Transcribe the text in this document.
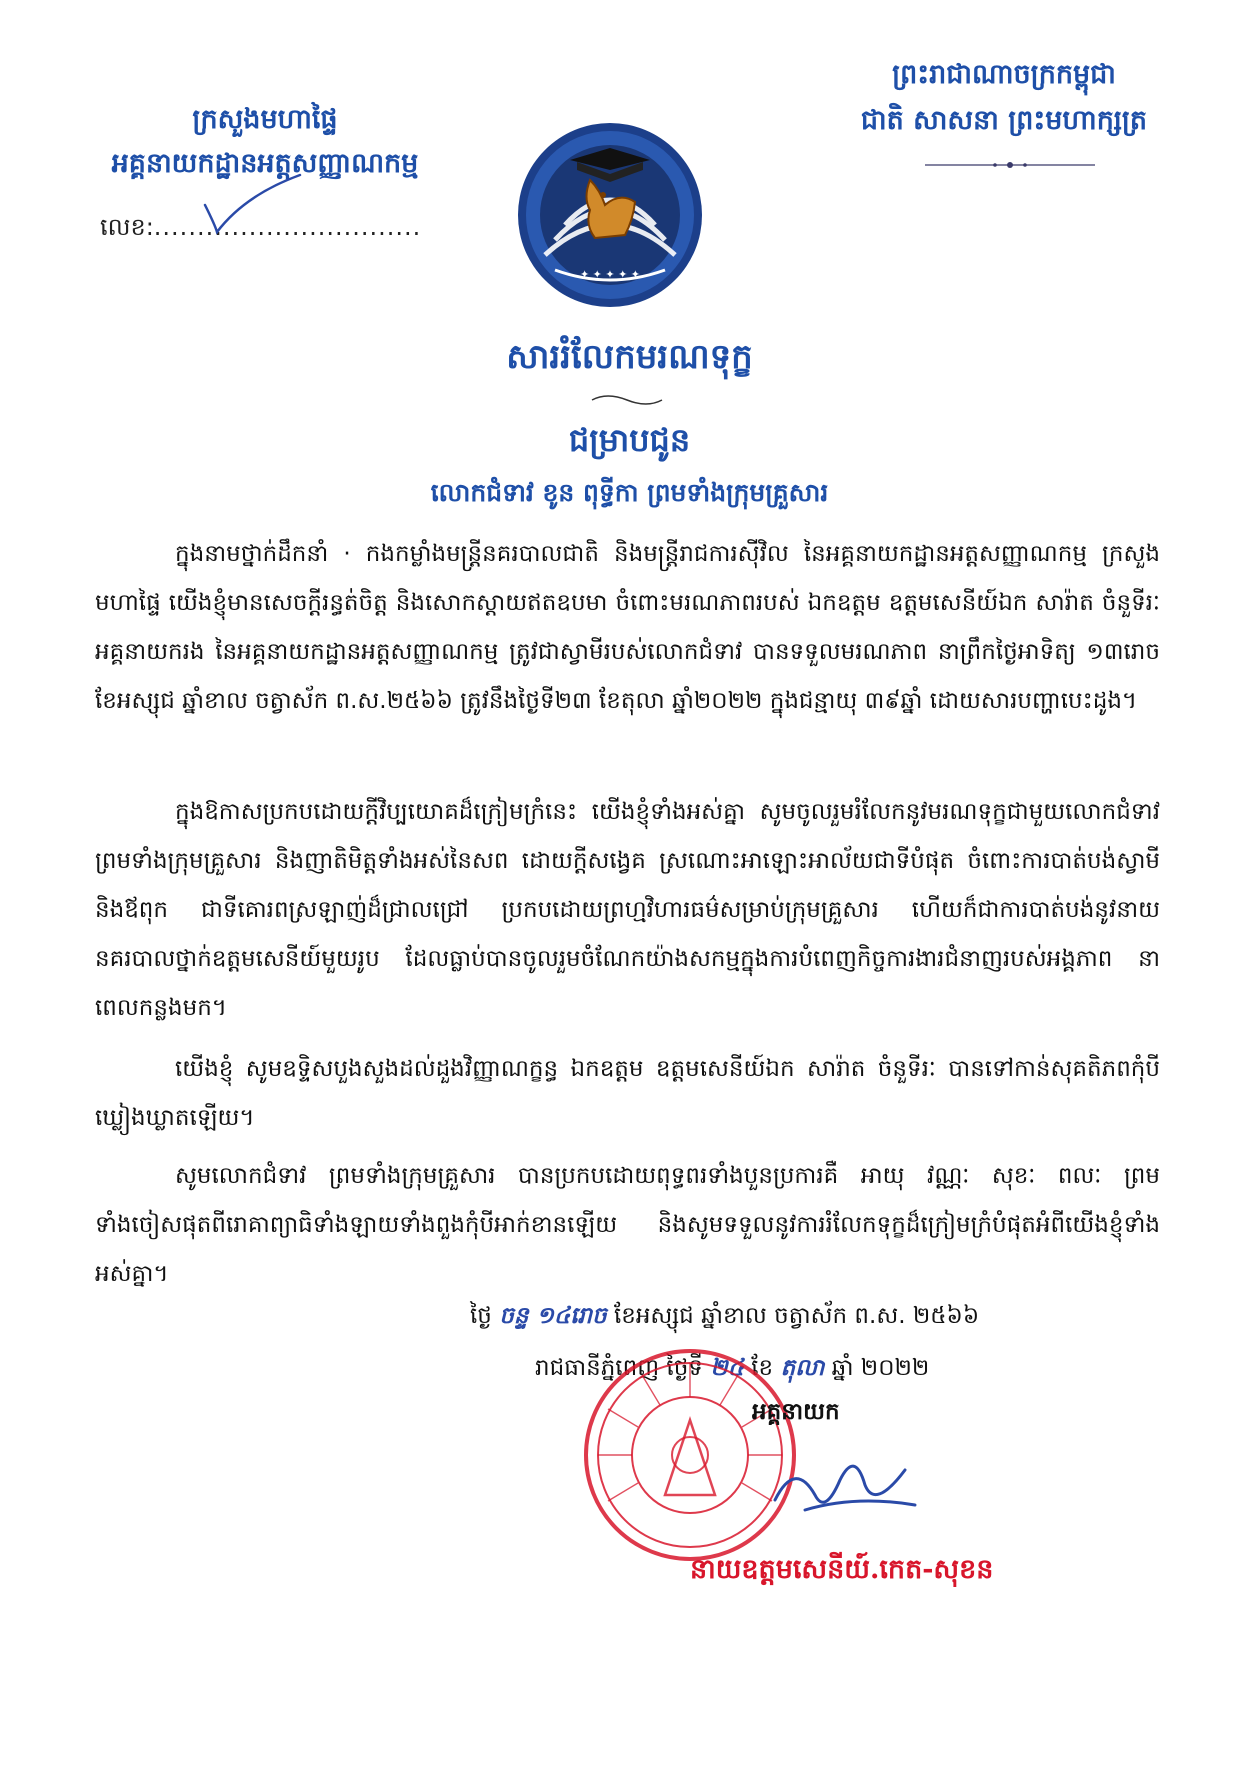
ព្រះរាជាណាចក្រកម្ពុជា
ជាតិ សាសនា ព្រះមហាក្សត្រ
ក្រសួងមហាផ្ទៃ
អគ្គនាយកដ្ឋានអត្តសញ្ញាណកម្ម
លេខ:...............................
✦ ✦ ✦ ✦ ✦
សាររំលែកមរណទុក្ខ
ជម្រាបជូន
លោកជំទាវ ខូន ពុទ្ធីកា ព្រមទាំងក្រុមគ្រួសារ
ក្នុងនាមថ្នាក់ដឹកនាំ · កងកម្លាំងមន្ត្រីនគរបាលជាតិ និងមន្ត្រីរាជការស៊ីវិល នៃអគ្គនាយកដ្ឋានអត្តសញ្ញាណកម្ម ក្រសួងមហាផ្ទៃ យើងខ្ញុំមានសេចក្តីរន្ធត់ចិត្ត និងសោកស្តាយឥតឧបមា ចំពោះមរណភាពរបស់ ឯកឧត្តម ឧត្តមសេនីយ៍ឯក សារ៉ាត ចំនួទីរៈ អគ្គនាយករង នៃអគ្គនាយកដ្ឋានអត្តសញ្ញាណកម្ម ត្រូវជាស្វាមីរបស់លោកជំទាវ បានទទួលមរណភាព នាព្រឹកថ្ងៃអាទិត្យ ១៣រោច ខែអស្សុជ ឆ្នាំខាល ចត្វាស័ក ព.ស.២៥៦៦ ត្រូវនឹងថ្ងៃទី២៣ ខែតុលា ឆ្នាំ២០២២ ក្នុងជន្មាយុ ៣៩ឆ្នាំ ដោយសារបញ្ហាបេះដូង។
ក្នុងឱកាសប្រកបដោយក្តីវិប្បយោគដ៏ក្រៀមក្រំនេះ យើងខ្ញុំទាំងអស់គ្នា សូមចូលរួមរំលែកនូវមរណទុក្ខជាមួយលោកជំទាវ ព្រមទាំងក្រុមគ្រួសារ និងញាតិមិត្តទាំងអស់នៃសព ដោយក្តីសង្វេគ ស្រណោះអាឡោះអាល័យជាទីបំផុត ចំពោះការបាត់បង់ស្វាមី និងឪពុក ជាទីគោរពស្រឡាញ់ដ៏ជ្រាលជ្រៅ ប្រកបដោយព្រហ្មវិហារធម៌សម្រាប់ក្រុមគ្រួសារ ហើយក៏ជាការបាត់បង់នូវនាយនគរបាលថ្នាក់ឧត្តមសេនីយ៍មួយរូប ដែលធ្លាប់បានចូលរួមចំណែកយ៉ាងសកម្មក្នុងការបំពេញកិច្ចការងារជំនាញរបស់អង្គភាព នាពេលកន្លងមក។
យើងខ្ញុំ សូមឧទ្ទិសបួងសួងដល់ដួងវិញ្ញាណក្ខន្ធ ឯកឧត្តម ឧត្តមសេនីយ៍ឯក សារ៉ាត ចំនួទីរៈ បានទៅកាន់សុគតិភពកុំបីឃ្លៀងឃ្លាតឡើយ។
សូមលោកជំទាវ ព្រមទាំងក្រុមគ្រួសារ បានប្រកបដោយពុទ្ធពរទាំងបួនប្រការគឺ អាយុ វណ្ណៈ សុខៈ ពលៈ ព្រមទាំងចៀសផុតពីរោគាព្យាធិទាំងឡាយទាំងពួងកុំបីអាក់ខានឡើយ និងសូមទទួលនូវការរំលែកទុក្ខដ៏ក្រៀមក្រំបំផុតអំពីយើងខ្ញុំទាំងអស់គ្នា។
ថ្ងៃ ចន្ទ ១៤រោច ខែអស្សុជ ឆ្នាំខាល ចត្វាស័ក ព.ស. ២៥៦៦
រាជធានីភ្នំពេញ ថ្ងៃទី ២៤ ខែ តុលា ឆ្នាំ ២០២២
អគ្គនាយក
នាយឧត្តមសេនីយ៍.កេត-សុខន
